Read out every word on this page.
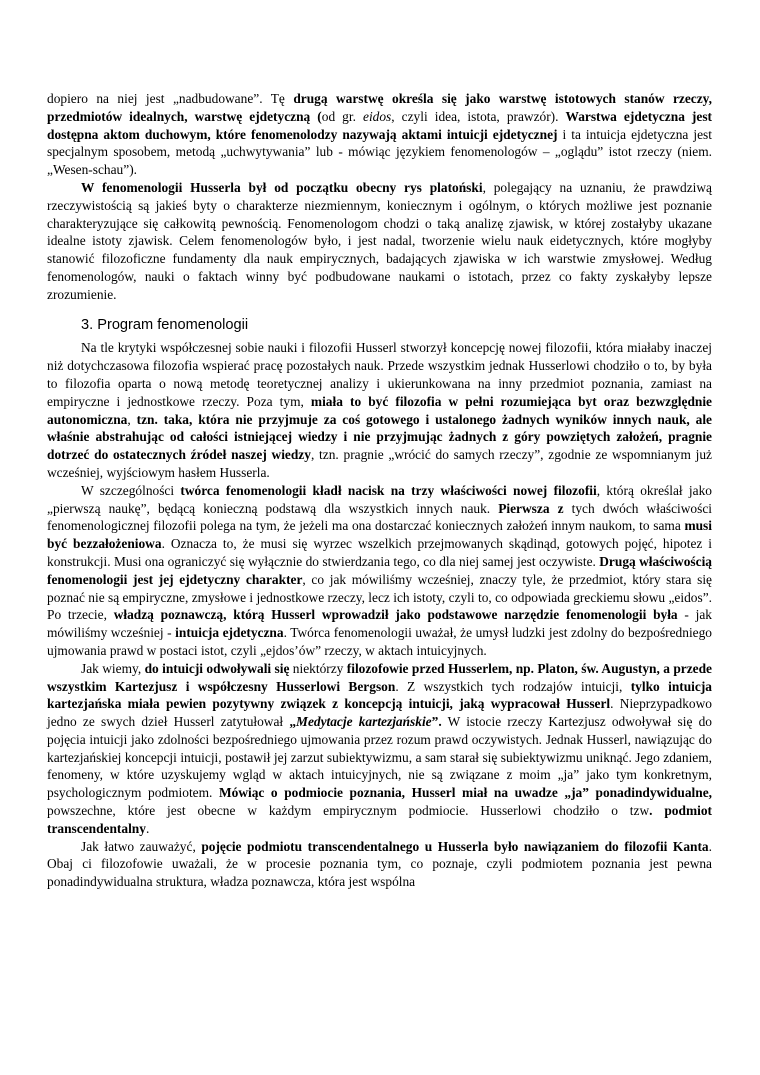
dopiero na niej jest „nadbudowane”. Tę drugą warstwę określa się jako warstwę istotowych stanów rzeczy, przedmiotów idealnych, warstwę ejdetyczną (od gr. eidos, czyli idea, istota, prawzór). Warstwa ejdetyczna jest dostępna aktom duchowym, które fenomenolodzy nazywają aktami intuicji ejdetycznej i ta intuicja ejdetyczna jest specjalnym sposobem, metodą „uchwytywania” lub - mówiąc językiem fenomenologów – „oglądu” istot rzeczy (niem. „Wesen-schau”).

W fenomenologii Husserla był od początku obecny rys platoński, polegający na uznaniu, że prawdziwą rzeczywistością są jakieś byty o charakterze niezmiennym, koniecznym i ogólnym, o których możliwe jest poznanie charakteryzujące się całkowitą pewnością. Fenomenologom chodzi o taką analizę zjawisk, w której zostałyby ukazane idealne istoty zjawisk. Celem fenomenologów było, i jest nadal, tworzenie wielu nauk eidetycznych, które mogłyby stanowić filozoficzne fundamenty dla nauk empirycznych, badających zjawiska w ich warstwie zmysłowej. Według fenomenologów, nauki o faktach winny być podbudowane naukami o istotach, przez co fakty zyskałyby lepsze zrozumienie.

3. Program fenomenologii

Na tle krytyki współczesnej sobie nauki i filozofii Husserl stworzył koncepcję nowej filozofii, która miałaby inaczej niż dotychczasowa filozofia wspierać pracę pozostałych nauk. Przede wszystkim jednak Husserlowi chodziło o to, by była to filozofia oparta o nową metodę teoretycznej analizy i ukierunkowana na inny przedmiot poznania, zamiast na empiryczne i jednostkowe rzeczy. Poza tym, miała to być filozofia w pełni rozumiejąca byt oraz bezwzględnie autonomiczna, tzn. taka, która nie przyjmuje za coś gotowego i ustalonego żadnych wyników innych nauk, ale właśnie abstrahując od całości istniejącej wiedzy i nie przyjmując żadnych z góry powziętych założeń, pragnie dotrzeć do ostatecznych źródeł naszej wiedzy, tzn. pragnie „wrócić do samych rzeczy”, zgodnie ze wspomnianym już wcześniej, wyjściowym hasłem Husserla.

W szczególności twórca fenomenologii kładł nacisk na trzy właściwości nowej filozofii, którą określał jako „pierwszą naukę”, będącą konieczną podstawą dla wszystkich innych nauk. Pierwsza z tych dwóch właściwości fenomenologicznej filozofii polega na tym, że jeżeli ma ona dostarczać koniecznych założeń innym naukom, to sama musi być bezzałożeniowa. Oznacza to, że musi się wyrzec wszelkich przejmowanych skądinąd, gotowych pojęć, hipotez i konstrukcji. Musi ona ograniczyć się wyłącznie do stwierdzania tego, co dla niej samej jest oczywiste. Drugą właściwością fenomenologii jest jej ejdetyczny charakter, co jak mówiliśmy wcześniej, znaczy tyle, że przedmiot, który stara się poznać nie są empiryczne, zmysłowe i jednostkowe rzeczy, lecz ich istoty, czyli to, co odpowiada greckiemu słowu „eidos”. Po trzecie, władzą poznawczą, którą Husserl wprowadził jako podstawowe narzędzie fenomenologii była - jak mówiliśmy wcześniej - intuicja ejdetyczna. Twórca fenomenologii uważał, że umysł ludzki jest zdolny do bezpośredniego ujmowania prawd w postaci istot, czyli „ejdos’ów” rzeczy, w aktach intuicyjnych.

Jak wiemy, do intuicji odwoływali się niektórzy filozofowie przed Husserlem, np. Platon, św. Augustyn, a przede wszystkim Kartezjusz i współczesny Husserlowi Bergson. Z wszystkich tych rodzajów intuicji, tylko intuicja kartezjańska miała pewien pozytywny związek z koncepcją intuicji, jaką wypracował Husserl. Nieprzypadkowo jedno ze swych dzieł Husserl zatytułował „Medytacje kartezjańskie”. W istocie rzeczy Kartezjusz odwoływał się do pojęcia intuicji jako zdolności bezpośredniego ujmowania przez rozum prawd oczywistych. Jednak Husserl, nawiązując do kartezjańskiej koncepcji intuicji, postawił jej zarzut subiektywizmu, a sam starał się subiektywizmu uniknąć. Jego zdaniem, fenomeny, w które uzyskujemy wgląd w aktach intuicyjnych, nie są związane z moim „ja” jako tym konkretnym, psychologicznym podmiotem. Mówiąc o podmiocie poznania, Husserl miał na uwadze „ja” ponadindywidualne, powszechne, które jest obecne w każdym empirycznym podmiocie. Husserlowi chodziło o tzw. podmiot transcendentalny.

Jak łatwo zauważyć, pojęcie podmiotu transcendentalnego u Husserla było nawiązaniem do filozofii Kanta. Obaj ci filozofowie uważali, że w procesie poznania tym, co poznaje, czyli podmiotem poznania jest pewna ponadindywidualna struktura, władza poznawcza, która jest wspólna
